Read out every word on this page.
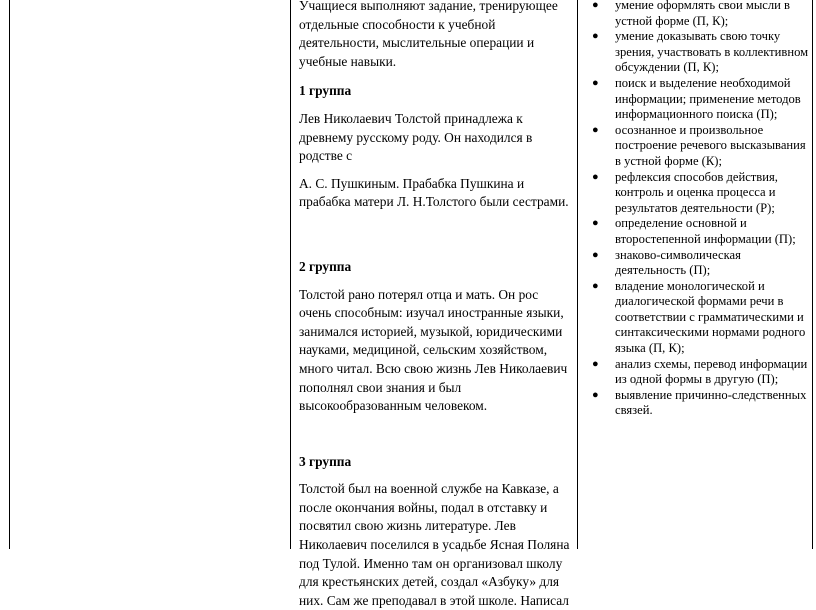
Учащиеся выполняют задание, тренирующее отдельные способности к учебной деятельности, мыслительные операции и учебные навыки.

1 группа

Лев Николаевич Толстой принадлежа к древнему русскому роду. Он находился в родстве с

А. С. Пушкиным. Прабабка Пушкина и прабабка матери Л. Н.Толстого были сестрами.

2 группа

Толстой рано потерял отца и мать. Он рос очень способным: изучал иностранные языки, занимался историей, музыкой, юридическими науками, медициной, сельским хозяйством, много читал. Всю свою жизнь Лев Николаевич пополнял свои знания и был высокообразованным человеком.

3 группа

Толстой был на военной службе на Кавказе, а после окончания войны, подал в отставку и посвятил свою жизнь литературе. Лев Николаевич поселился в усадьбе Ясная Поляна под Тулой. Именно там он организовал школу для крестьянских детей, создал «Азбуку» для них. Сам же преподавал в этой школе. Написал

● умение оформлять свои мысли в устной форме (П, К);
● умение доказывать свою точку зрения, участвовать в коллективном обсуждении (П, К);
● поиск и выделение необходимой информации; применение методов информационного поиска (П);
● осознанное и произвольное построение речевого высказывания в устной форме (К);
● рефлексия способов действия, контроль и оценка процесса и результатов деятельности (Р);
● определение основной и второстепенной информации (П);
● знаково-символическая деятельность (П);
● владение монологической и диалогической формами речи в соответствии с грамматическими и синтаксическими нормами родного языка (П, К);
● анализ схемы, перевод информации из одной формы в другую (П);
● выявление причинно-следственных связей.
